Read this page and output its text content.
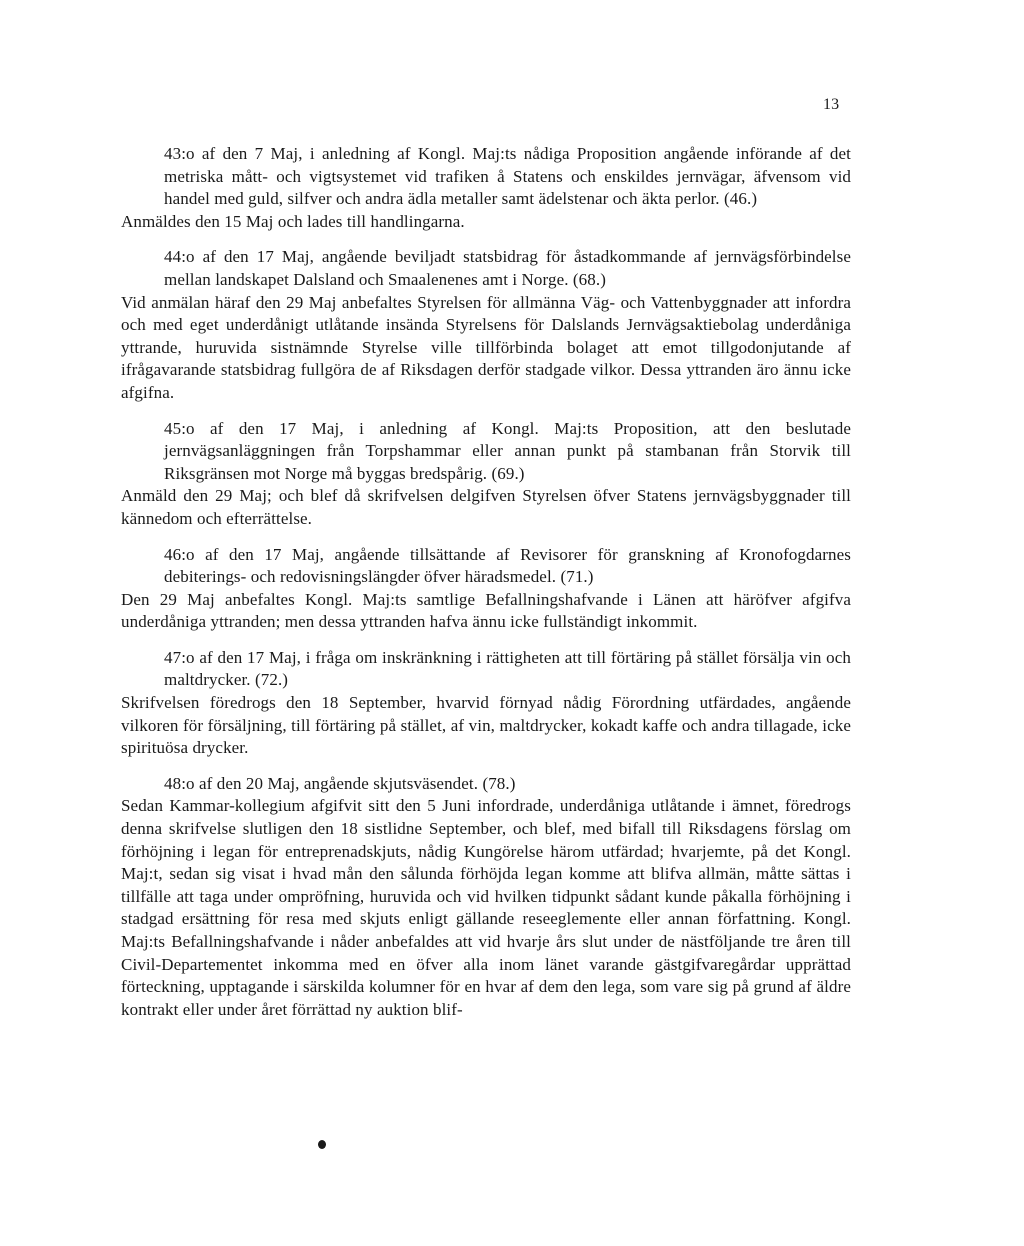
13

43:o af den 7 Maj, i anledning af Kongl. Maj:ts nådiga Proposition angående införande af det metriska mått- och vigtsystemet vid trafiken å Statens och enskildes jernvägar, äfvensom vid handel med guld, silfver och andra ädla metaller samt ädelstenar och äkta perlor. (46.)

Anmäldes den 15 Maj och lades till handlingarna.

44:o af den 17 Maj, angående beviljadt statsbidrag för åstadkommande af jernvägsförbindelse mellan landskapet Dalsland och Smaalenenes amt i Norge. (68.)

Vid anmälan häraf den 29 Maj anbefaltes Styrelsen för allmänna Väg- och Vattenbyggnader att infordra och med eget underdånigt utlåtande insända Styrelsens för Dalslands Jernvägsaktiebolag underdåniga yttrande, huruvida sistnämnde Styrelse ville tillförbinda bolaget att emot tillgodonjutande af ifrågavarande statsbidrag fullgöra de af Riksdagen derför stadgade vilkor. Dessa yttranden äro ännu icke afgifna.

45:o af den 17 Maj, i anledning af Kongl. Maj:ts Proposition, att den beslutade jernvägsanläggningen från Torpshammar eller annan punkt på stambanan från Storvik till Riksgränsen mot Norge må byggas bredspårig. (69.)

Anmäld den 29 Maj; och blef då skrifvelsen delgifven Styrelsen öfver Statens jernvägsbyggnader till kännedom och efterrättelse.

46:o af den 17 Maj, angående tillsättande af Revisorer för granskning af Kronofogdarnes debiterings- och redovisningslängder öfver häradsmedel. (71.)

Den 29 Maj anbefaltes Kongl. Maj:ts samtlige Befallningshafvande i Länen att häröfver afgifva underdåniga yttranden; men dessa yttranden hafva ännu icke fullständigt inkommit.

47:o af den 17 Maj, i fråga om inskränkning i rättigheten att till förtäring på stället försälja vin och maltdrycker. (72.)

Skrifvelsen föredrogs den 18 September, hvarvid förnyad nådig Förordning utfärdades, angående vilkoren för försäljning, till förtäring på stället, af vin, maltdrycker, kokadt kaffe och andra tillagade, icke spirituösa drycker.

48:o af den 20 Maj, angående skjutsväsendet. (78.)

Sedan Kammar-kollegium afgifvit sitt den 5 Juni infordrade, underdåniga utlåtande i ämnet, föredrogs denna skrifvelse slutligen den 18 sistlidne September, och blef, med bifall till Riksdagens förslag om förhöjning i legan för entreprenadskjuts, nådig Kungörelse härom utfärdad; hvarjemte, på det Kongl. Maj:t, sedan sig visat i hvad mån den sålunda förhöjda legan komme att blifva allmän, måtte sättas i tillfälle att taga under ompröfning, huruvida och vid hvilken tidpunkt sådant kunde påkalla förhöjning i stadgad ersättning för resa med skjuts enligt gällande reseeglemente eller annan författning. Kongl. Maj:ts Befallningshafvande i nåder anbefaldes att vid hvarje års slut under de nästföljande tre åren till Civil-Departementet inkomma med en öfver alla inom länet varande gästgifvaregårdar upprättad förteckning, upptagande i särskilda kolumner för en hvar af dem den lega, som vare sig på grund af äldre kontrakt eller under året förrättad ny auktion blif-
